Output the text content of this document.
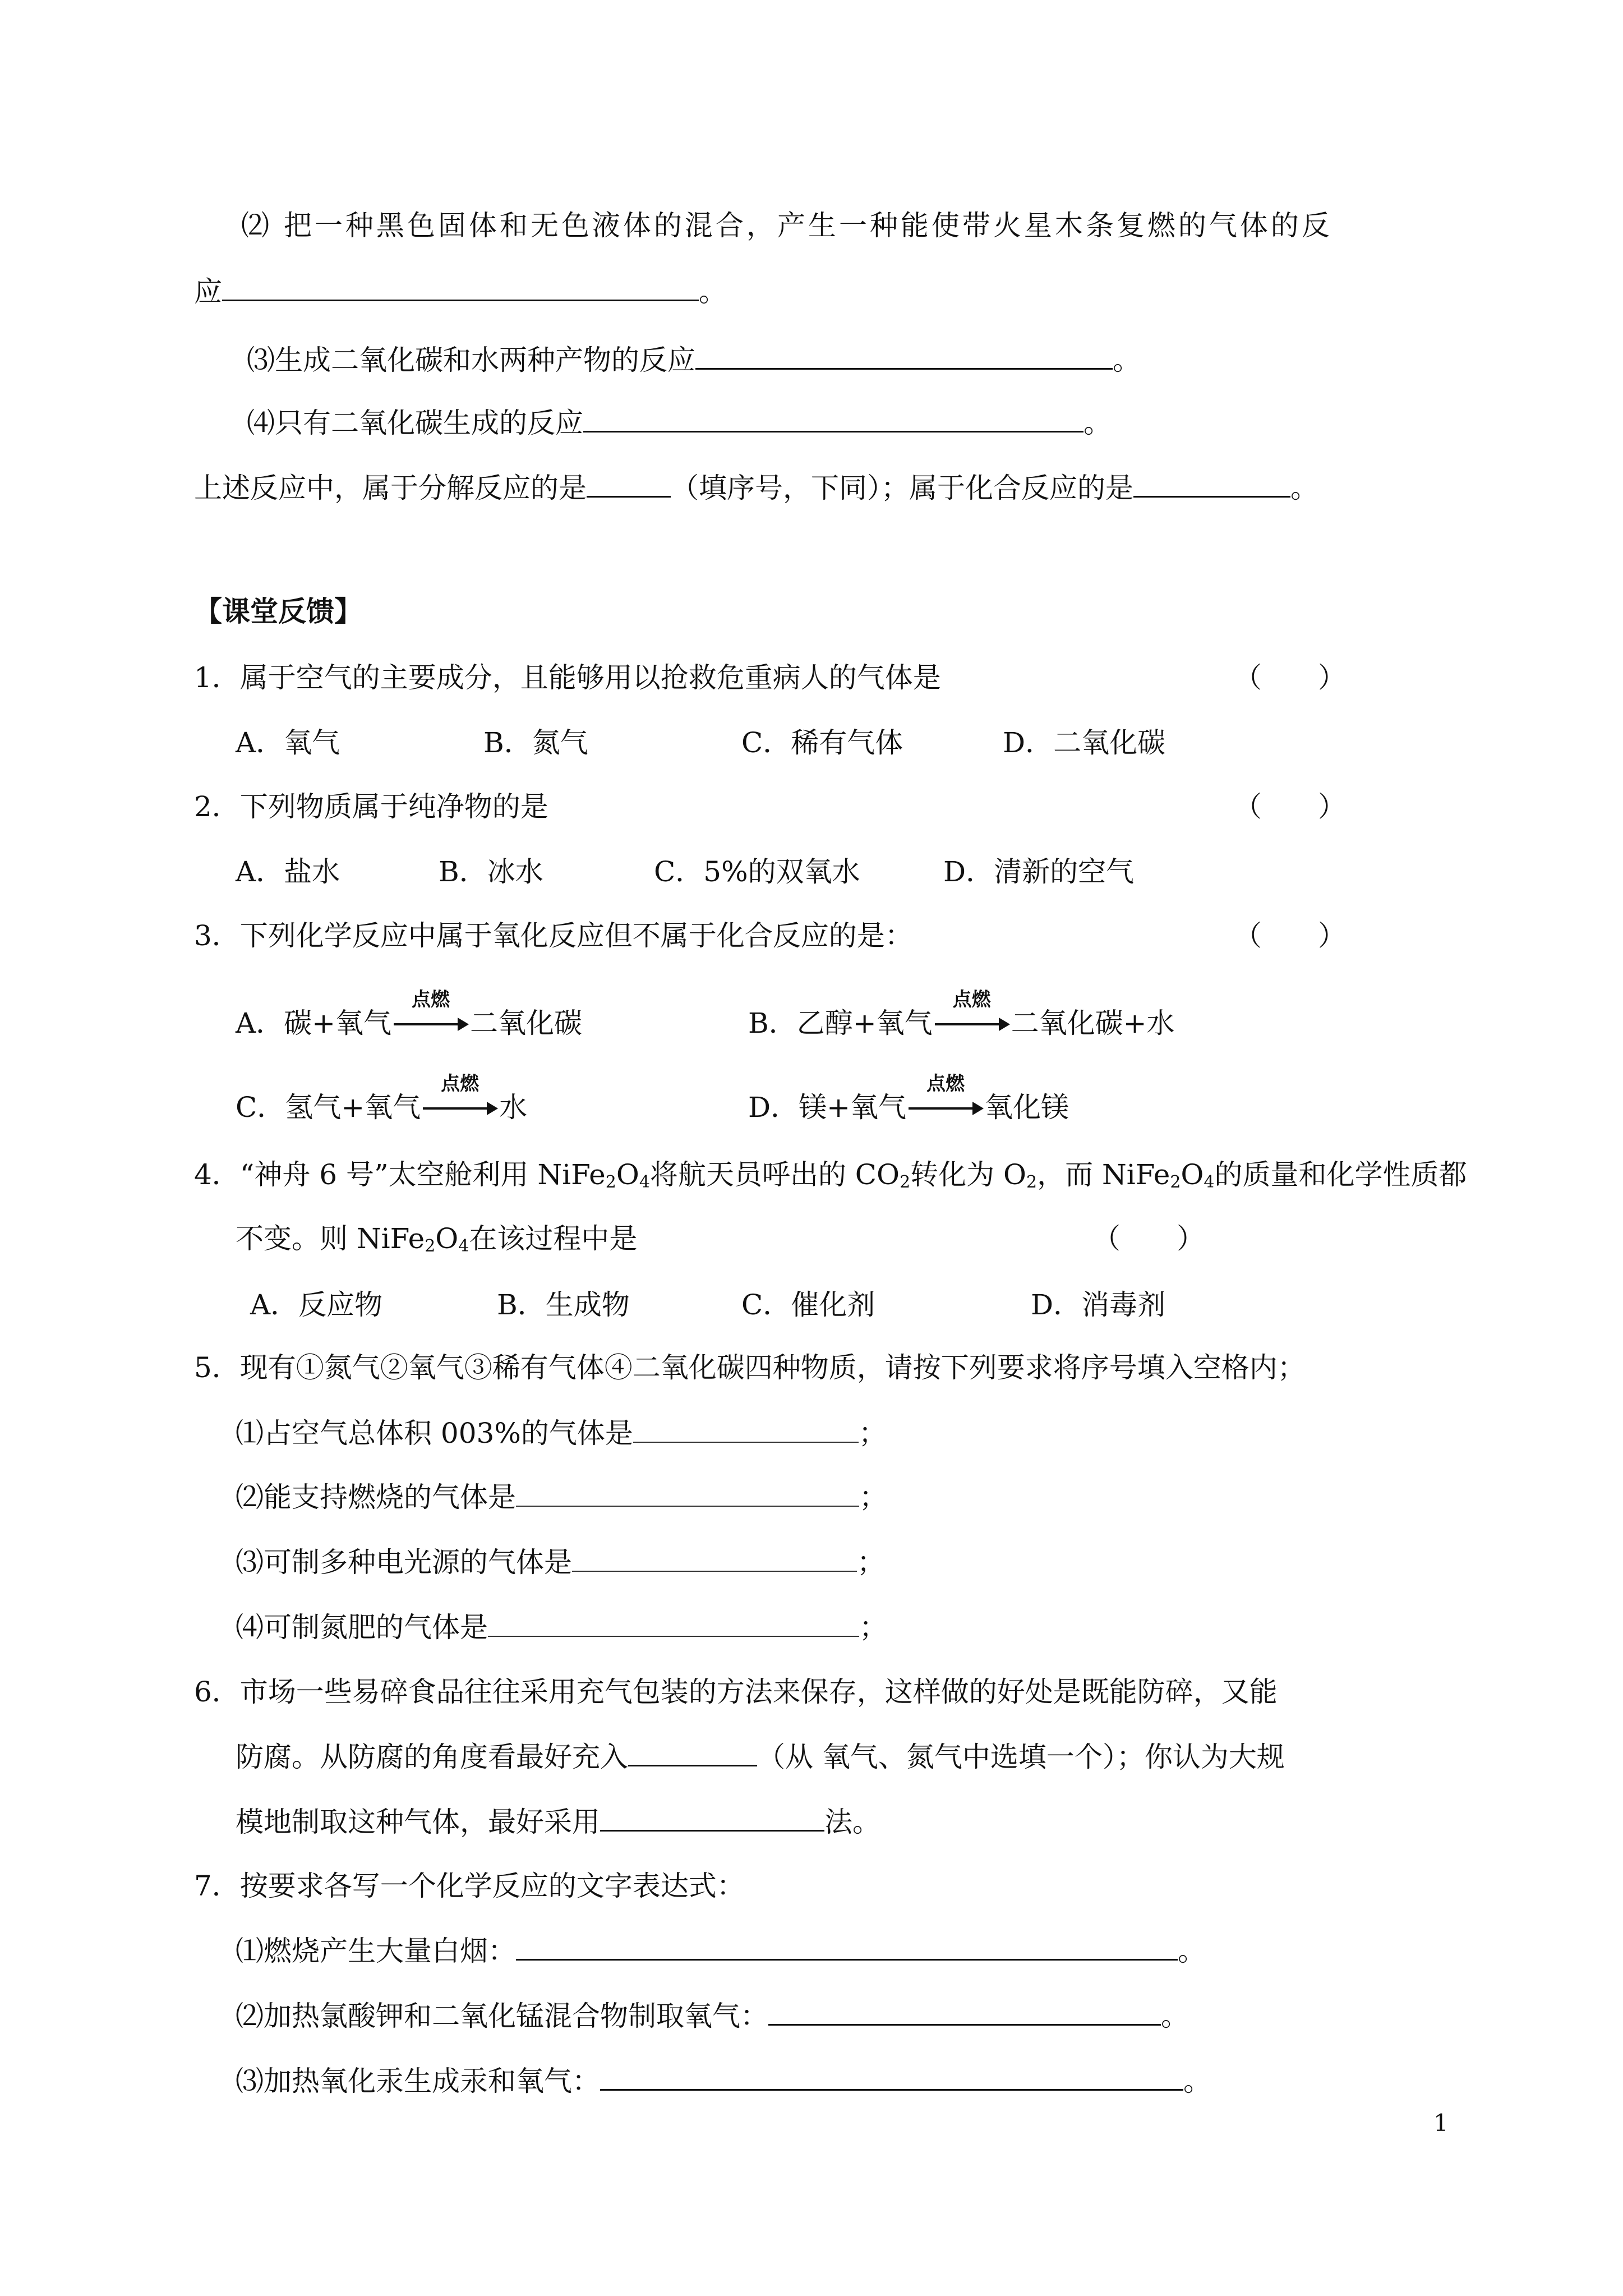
⑵ 把一种黑色固体和无色液体的混合，产生一种能使带火星木条复燃的气体的反
应	。
⑶生成二氧化碳和水两种产物的反应	。
⑷只有二氧化碳生成的反应	。
上述反应中，属于分解反应的是	（填序号，下同）；属于化合反应的是	。
【课堂反馈】
1．属于空气的主要成分，且能够用以抢救危重病人的气体是	（　　）
A．氧气	B．氮气	C．稀有气体	D．二氧化碳
2．下列物质属于纯净物的是	（　　）
A．盐水	B．冰水	C．5%的双氧水	D．清新的空气
3．下列化学反应中属于氧化反应但不属于化合反应的是：	（　　）
A．碳+氧气
点燃
二氧化碳	B．乙醇+氧气
点燃
二氧化碳+水
C．氢气+氧气
点燃
水	D．镁+氧气
点燃
氧化镁
4．“神舟 6 号”太空舱利用 $NiFe_2O_4$将航天员呼出的 $CO_2$转化为 $O_2$，而 $NiFe_2O_4$的质量和化学性质都
不变。则 $NiFe_2O_4$在该过程中是	（　　）
A．反应物	B．生成物	C．催化剂	D．消毒剂
5．现有①氮气②氧气③稀有气体④二氧化碳四种物质，请按下列要求将序号填入空格内；
⑴占空气总体积 003%的气体是	；
⑵能支持燃烧的气体是	；
⑶可制多种电光源的气体是	；
⑷可制氮肥的气体是	；
6．市场一些易碎食品往往采用充气包装的方法来保存，这样做的好处是既能防碎，又能
防腐。从防腐的角度看最好充入	（从 氧气、氮气中选填一个）；你认为大规
模地制取这种气体，最好采用	法。
7．按要求各写一个化学反应的文字表达式：
⑴燃烧产生大量白烟：	。
⑵加热氯酸钾和二氧化锰混合物制取氧气：	。
⑶加热氧化汞生成汞和氧气：	。
1
